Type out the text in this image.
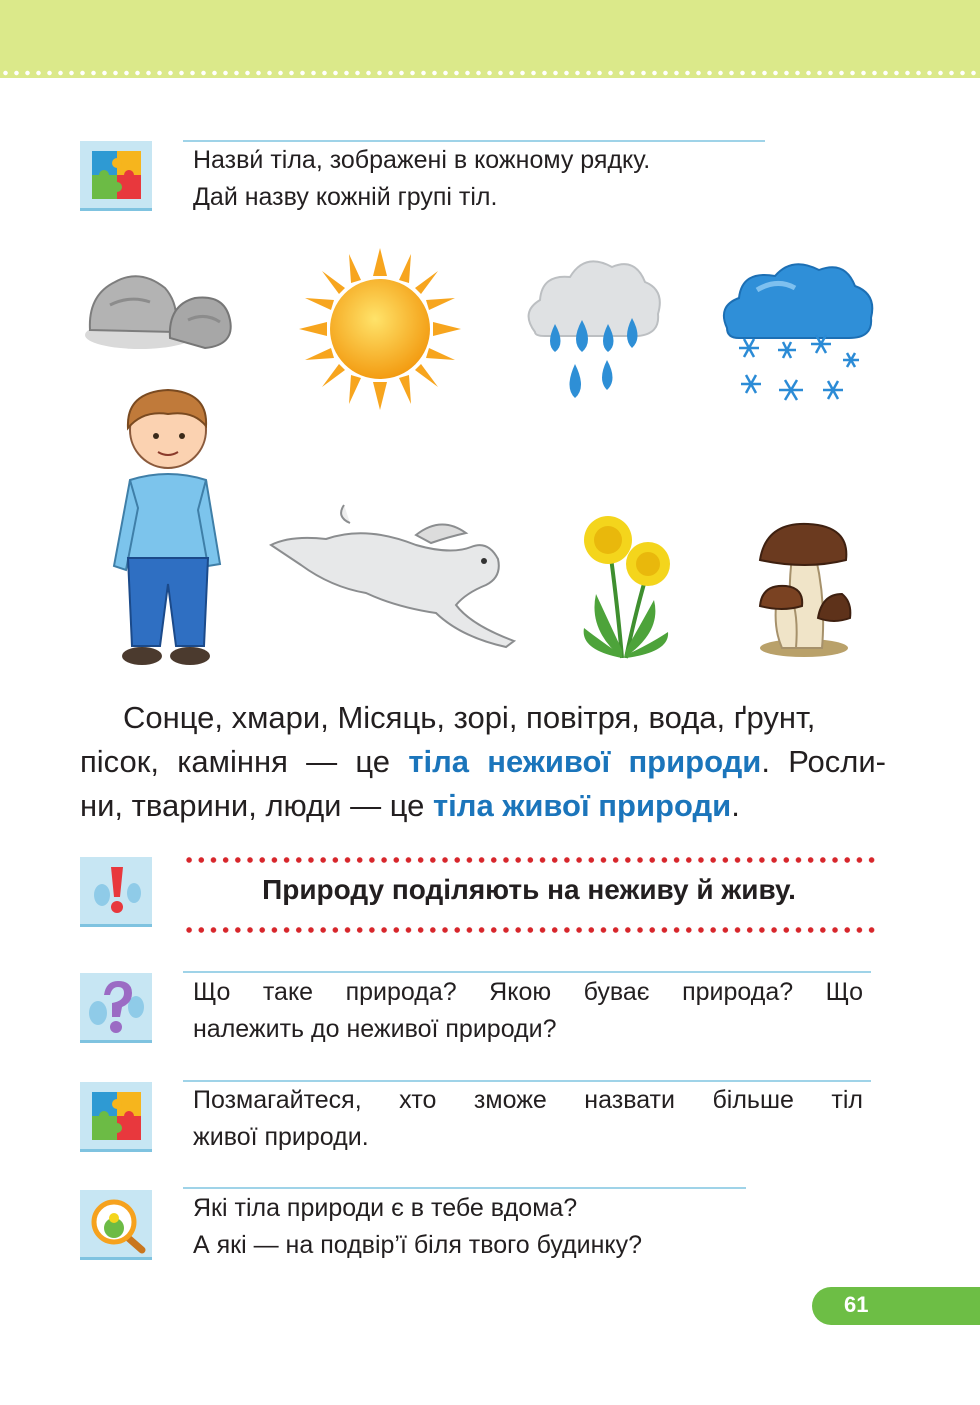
Назви́ тіла, зображені в кожному рядку.
Дай назву кожній групі тіл.
Сонце, хмари, Місяць, зорі, повітря, вода, ґрунт,
пісок, каміння — це тіла неживої природи. Росли-
ни, тварини, люди — це тіла живої природи.
Природу поділяють на неживу й живу.
Що таке природа? Якою буває природа? Що
належить до неживої природи?
Позмагайтеся, хто зможе назвати більше тіл
живої природи.
Які тіла природи є в тебе вдома?
А які — на подвір’ї біля твого будинку?
61
